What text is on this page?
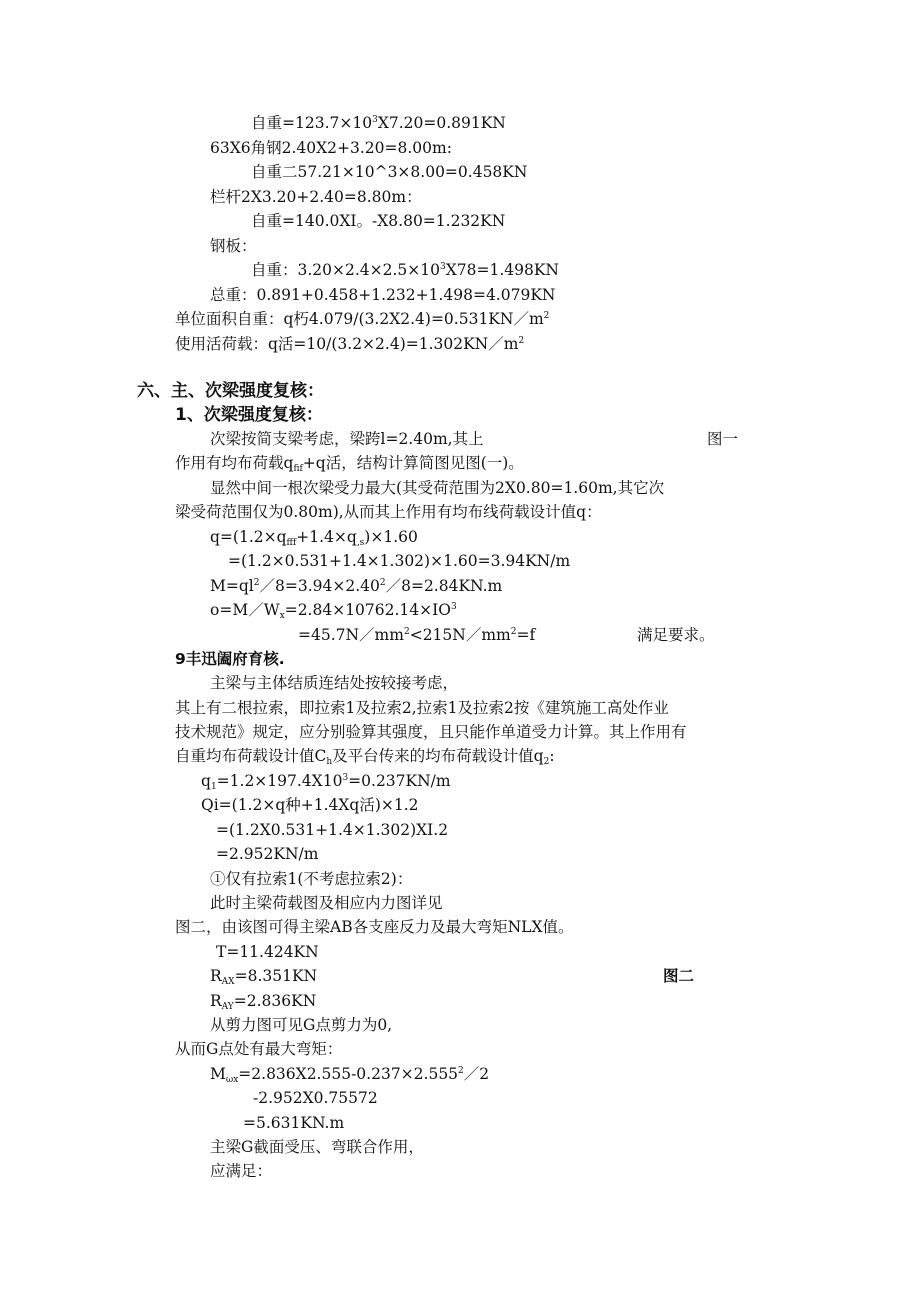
自重$=123.7\times 10^3X7.20=0.891KN$
63X6角钢2.40X2+3.20=8.00m:
自重二57.21×10^3×8.00=0.458KN
栏杆2X3.20+2.40=8.80m：
自重=140.0XI。-X8.80=1.232KN
钢板：
自重：$3.20\times 2.4\times 2.5\times 10^3X78=1.498KN$
总重：0.891+0.458+1.232+1.498=4.079KN
单位面积自重：q朽$4.079/(3.2X2.4)=0.531KN/m^2$
使用活荷载：q活$=10/(3.2\times 2.4)=1.302KN/m^2$
六、主、次梁强度复核：
1、次梁强度复核：
次梁按简支梁考虑，梁跨l=2.40m,其上	图一
作用有均布荷载$q_{fif}+q$活，结构计算简图见图(一)。
显然中间一根次梁受力最大(其受荷范围为2X0.80=1.60m,其它次
梁受荷范围仅为0.80m),从而其上作用有均布线荷载设计值q：
$q=(1.2\times q_{fff}+1.4\times q_{,s})\times 1.60$
=(1.2×0.531+1.4×1.302)×1.60=3.94KN/m
$M=ql^2/8=3.94\times 2.40^2/8=2.84KN.m$
$o=M/W_x=2.84\times 10762.14\times IO^3$
$=45.7N/mm^2<215N/mm^2=f$	满足要求。
9丰迅阖府育核.
主梁与主体结质连结处按较接考虑，
其上有二根拉索，即拉索1及拉索2,拉索1及拉索2按《建筑施工高处作业
技术规范》规定，应分别验算其强度，且只能作单道受力计算。其上作用有
自重均布荷载设计值$C_h$及平台传来的均布荷载设计值$q_2$:
$q_1=1.2\times 197.4X10^3=0.237KN/m$
Qi=(1.2×q种+1.4Xq活)×1.2
=(1.2X0.531+1.4×1.302)XI.2
=2.952KN/m
①仅有拉索1(不考虑拉索2)：
此时主梁荷载图及相应内力图详见
图二，由该图可得主梁AB各支座反力及最大弯矩NLX值。
T=11.424KN
$R_{AX}=8.351KN$	图二
$R_{AY}=2.836KN$
从剪力图可见G点剪力为0,
从而G点处有最大弯矩：
$M_{\omega x}=2.836X2.555-0.237\times 2.555^2/2$
-2.952X0.75572
=5.631KN.m
主梁G截面受压、弯联合作用，
应满足：
